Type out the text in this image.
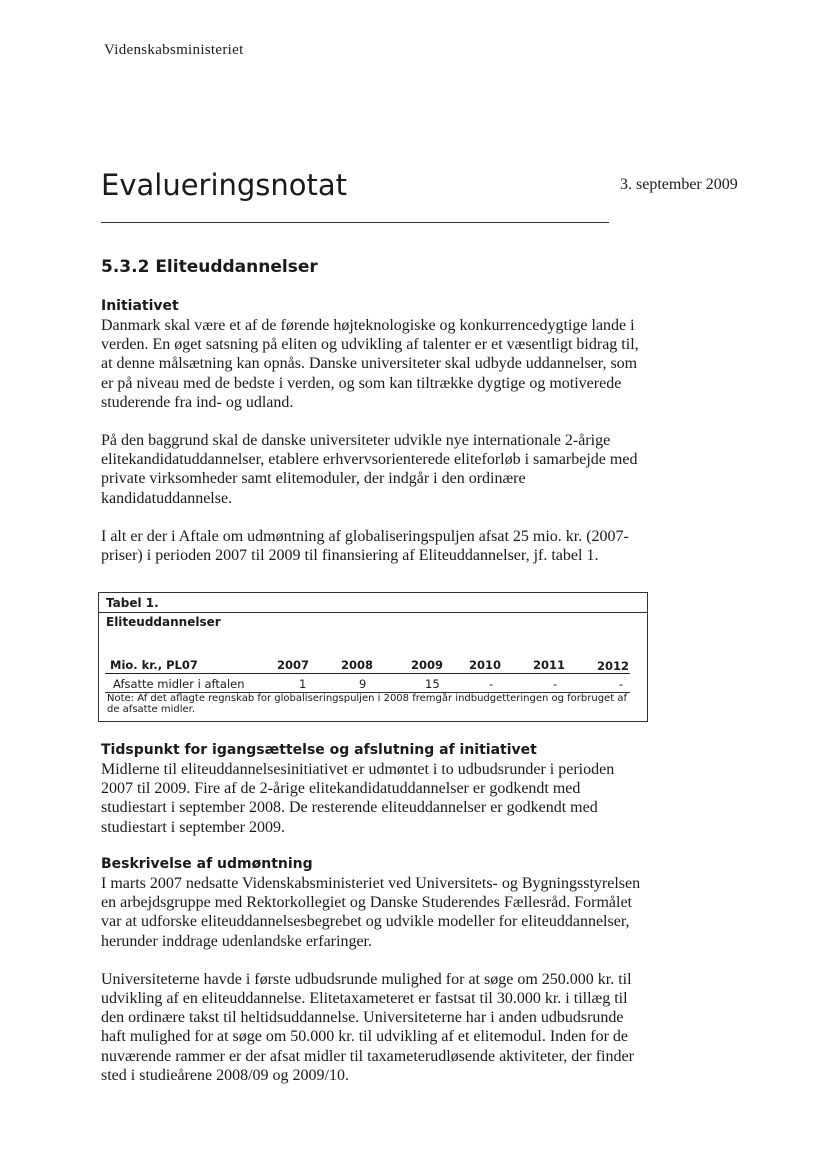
Videnskabsministeriet
Evalueringsnotat	3. september 2009
5.3.2 Eliteuddannelser
Initiativet

Danmark skal være et af de førende højteknologiske og konkurrencedygtige lande i verden. En øget satsning på eliten og udvikling af talenter er et væsentligt bidrag til, at denne målsætning kan opnås. Danske universiteter skal udbyde uddannelser, som er på niveau med de bedste i verden, og som kan tiltrække dygtige og motiverede studerende fra ind- og udland.

På den baggrund skal de danske universiteter udvikle nye internationale 2-årige elitekandidatuddannelser, etablere erhvervsorienterede eliteforløb i samarbejde med private virksomheder samt elitemoduler, der indgår i den ordinære kandidatuddannelse.

I alt er der i Aftale om udmøntning af globaliseringspuljen afsat 25 mio. kr. (2007-priser) i perioden 2007 til 2009 til finansiering af Eliteuddannelser, jf. tabel 1.

Tabel 1.
Eliteuddannelser
Mio. kr., PL07	2007	2008	2009 2010	2011	2012
Afsatte midler i aftalen	1	9	15	-	-	-
Note: Af det aflagte regnskab for globaliseringspuljen i 2008 fremgår indbudgetteringen og forbruget af de afsatte midler.
Tidspunkt for igangsættelse og afslutning af initiativet

Midlerne til eliteuddannelsesinitiativet er udmøntet i to udbudsrunder i perioden 2007 til 2009. Fire af de 2-årige elitekandidatuddannelser er godkendt med studiestart i september 2008. De resterende eliteuddannelser er godkendt med studiestart i september 2009.

Beskrivelse af udmøntning

I marts 2007 nedsatte Videnskabsministeriet ved Universitets- og Bygningsstyrelsen en arbejdsgruppe med Rektorkollegiet og Danske Studerendes Fællesråd. Formålet var at udforske eliteuddannelsesbegrebet og udvikle modeller for eliteuddannelser, herunder inddrage udenlandske erfaringer.

Universiteterne havde i første udbudsrunde mulighed for at søge om 250.000 kr. til udvikling af en eliteuddannelse. Elitetaxameteret er fastsat til 30.000 kr. i tillæg til den ordinære takst til heltidsuddannelse. Universiteterne har i anden udbudsrunde haft mulighed for at søge om 50.000 kr. til udvikling af et elitemodul. Inden for de nuværende rammer er der afsat midler til taxameterudløsende aktiviteter, der finder sted i studieårene 2008/09 og 2009/10.
